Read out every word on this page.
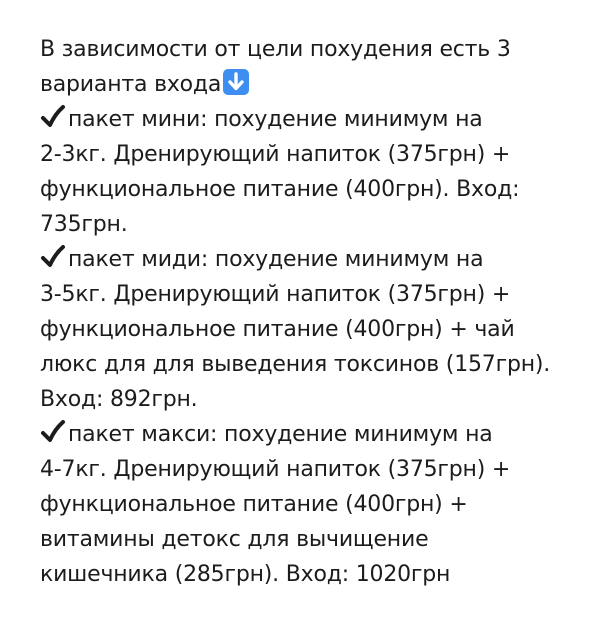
В зависимости от цели похудения есть 3
варианта входа
пакет мини: похудение минимум на
2-3кг. Дренирующий напиток (375грн) +
функциональное питание (400грн). Вход:
735грн.
пакет миди: похудение минимум на
3-5кг. Дренирующий напиток (375грн) +
функциональное питание (400грн) + чай
люкс для для выведения токсинов (157грн).
Вход: 892грн.
пакет макси: похудение минимум на
4-7кг. Дренирующий напиток (375грн) +
функциональное питание (400грн) +
витамины детокс для вычищение
кишечника (285грн). Вход: 1020грн
